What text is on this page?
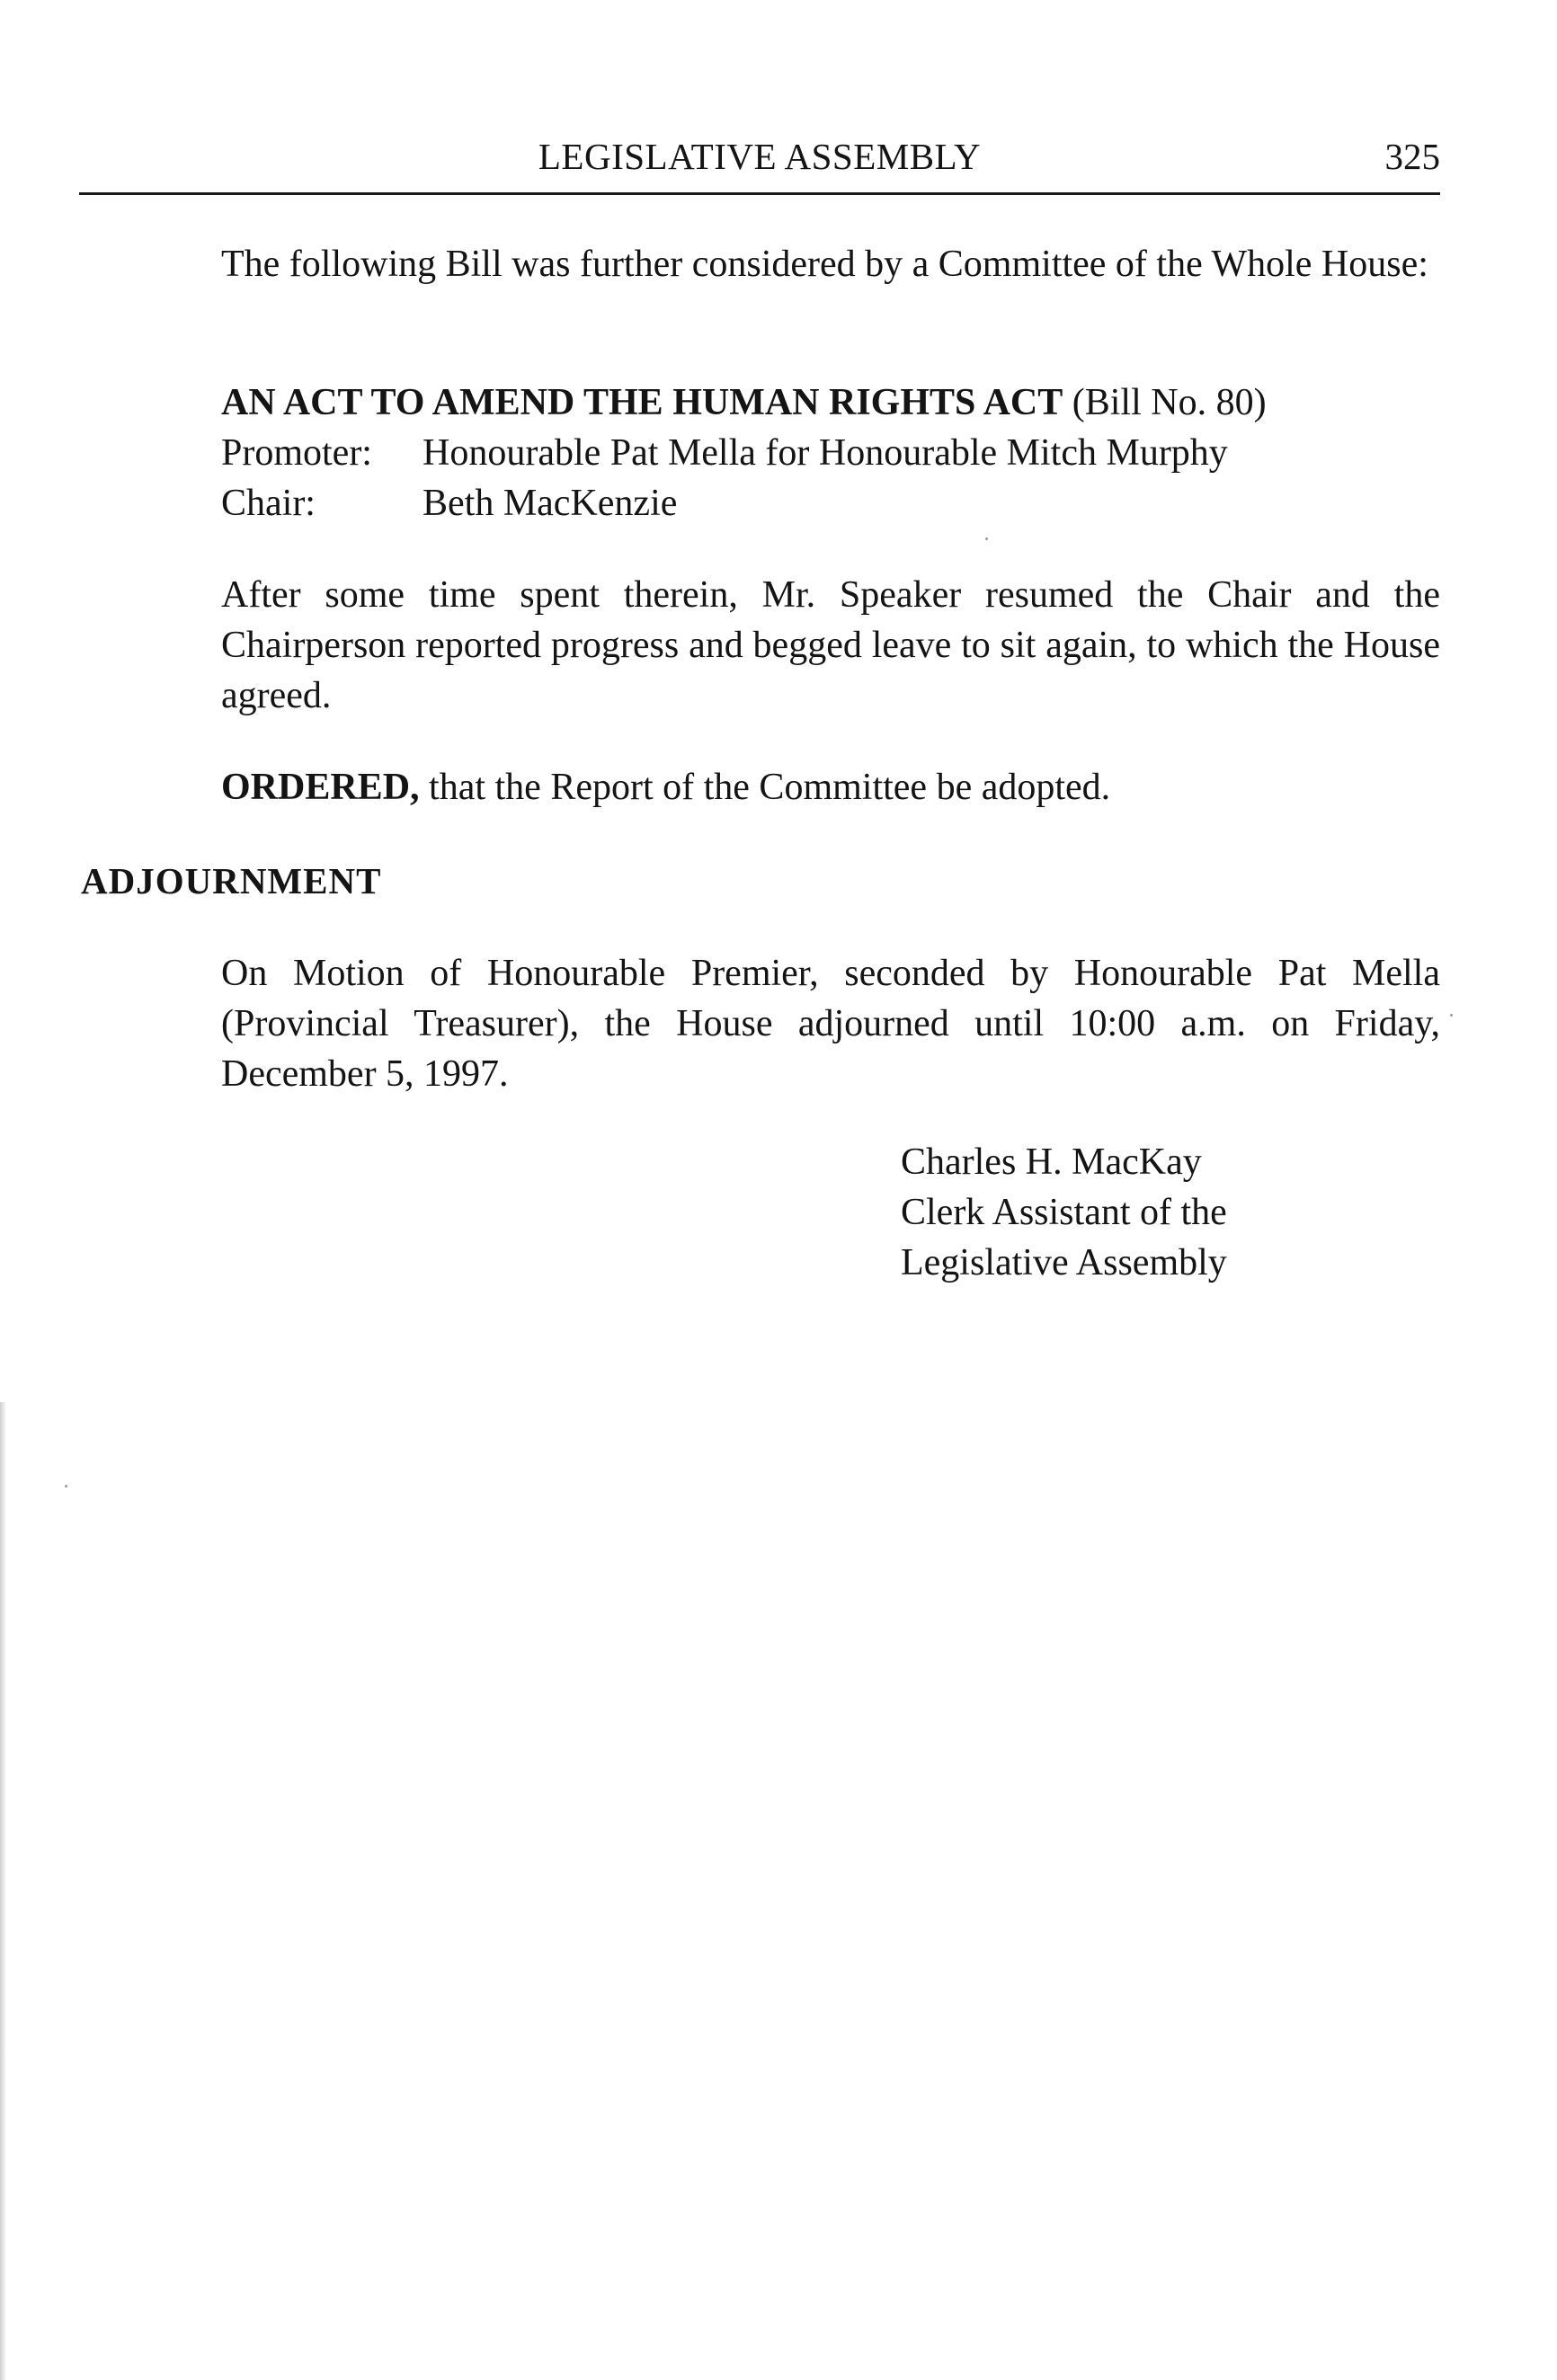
LEGISLATIVE ASSEMBLY	325

The following Bill was further considered by a Committee of the Whole House:

AN ACT TO AMEND THE HUMAN RIGHTS ACT (Bill No. 80)
Promoter: Honourable Pat Mella for Honourable Mitch Murphy
Chair:	Beth MacKenzie

After some time spent therein, Mr. Speaker resumed the Chair and the Chairperson reported progress and begged leave to sit again, to which the House agreed.

ORDERED, that the Report of the Committee be adopted.
ADJOURNMENT

On Motion of Honourable Premier, seconded by Honourable Pat Mella (Provincial Treasurer), the House adjourned until 10:00 a.m. on Friday, December 5, 1997.

Charles H. MacKay
Clerk Assistant of the
Legislative Assembly
